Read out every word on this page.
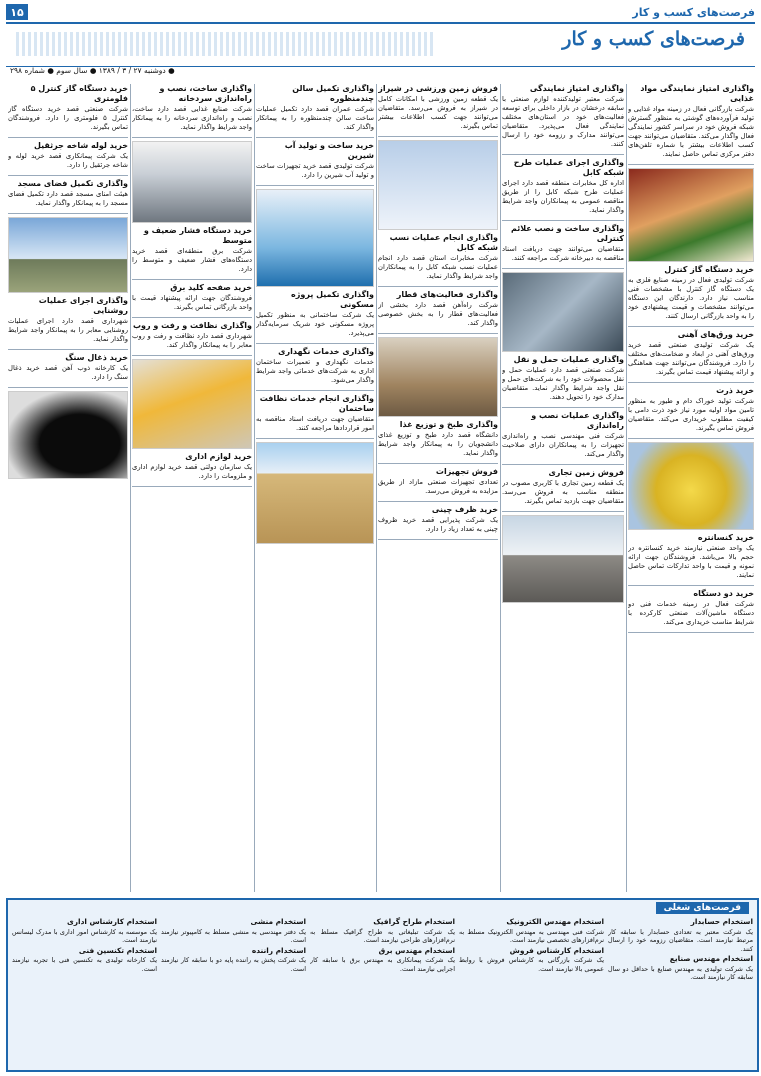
۱۵	فرصت‌های کسب و کار
فرصت‌های کسب و کار
● دوشنبه ۲۷ / ۳ / ۱۳۸۹ ● سال سوم ● شماره ۲۹۸
واگذاری امتیاز نمایندگی مواد غذایی

شرکت بازرگانی فعال در زمینه مواد غذایی و تولید فرآورده‌های گوشتی به منظور گسترش شبکه فروش خود در سراسر کشور نمایندگی فعال واگذار می‌کند. متقاضیان می‌توانند جهت کسب اطلاعات بیشتر با شماره تلفن‌های دفتر مرکزی تماس حاصل نمایند.

خرید دستگاه گاز کنترل

شرکت تولیدی فعال در زمینه صنایع فلزی به یک دستگاه گاز کنترل با مشخصات فنی مناسب نیاز دارد. دارندگان این دستگاه می‌توانند مشخصات و قیمت پیشنهادی خود را به واحد بازرگانی ارسال کنند.

خرید ورق‌های آهنی

یک شرکت تولیدی صنعتی قصد خرید ورق‌های آهنی در ابعاد و ضخامت‌های مختلف را دارد. فروشندگان می‌توانند جهت هماهنگی و ارائه پیشنهاد قیمت تماس بگیرند.

خرید ذرت

شرکت تولید خوراک دام و طیور به منظور تامین مواد اولیه مورد نیاز خود ذرت دامی با کیفیت مطلوب خریداری می‌کند. متقاضیان فروش تماس بگیرند.

خرید کنسانتره

یک واحد صنعتی نیازمند خرید کنسانتره در حجم بالا می‌باشد. فروشندگان جهت ارائه نمونه و قیمت با واحد تدارکات تماس حاصل نمایند.

خرید دو دستگاه

شرکت فعال در زمینه خدمات فنی دو دستگاه ماشین‌آلات صنعتی کارکرده با شرایط مناسب خریداری می‌کند.

واگذاری امتیاز نمایندگی

شرکت معتبر تولیدکننده لوازم صنعتی با سابقه درخشان در بازار داخلی برای توسعه فعالیت‌های خود در استان‌های مختلف نمایندگی فعال می‌پذیرد. متقاضیان می‌توانند مدارک و رزومه خود را ارسال کنند.

واگذاری اجرای عملیات طرح شبکه کابل

اداره کل مخابرات منطقه قصد دارد اجرای عملیات طرح شبکه کابل را از طریق مناقصه عمومی به پیمانکاران واجد شرایط واگذار نماید.

واگذاری ساخت و نصب علائم کنترلی

متقاضیان می‌توانند جهت دریافت اسناد مناقصه به دبیرخانه شرکت مراجعه کنند.

واگذاری عملیات حمل و نقل

شرکت صنعتی قصد دارد عملیات حمل و نقل محصولات خود را به شرکت‌های حمل و نقل واجد شرایط واگذار نماید. متقاضیان مدارک خود را تحویل دهند.

واگذاری عملیات نصب و راه‌اندازی

شرکت فنی مهندسی نصب و راه‌اندازی تجهیزات را به پیمانکاران دارای صلاحیت واگذار می‌کند.

فروش زمین تجاری

یک قطعه زمین تجاری با کاربری مصوب در منطقه مناسب به فروش می‌رسد. متقاضیان جهت بازدید تماس بگیرند.

فروش زمین ورزشی در شیراز

یک قطعه زمین ورزشی با امکانات کامل در شیراز به فروش می‌رسد. متقاضیان می‌توانند جهت کسب اطلاعات بیشتر تماس بگیرند.

واگذاری انجام عملیات نسب شبکه کابل

شرکت مخابرات استان قصد دارد انجام عملیات نسب شبکه کابل را به پیمانکاران واجد شرایط واگذار نماید.

واگذاری فعالیت‌های قطار

شرکت راه‌آهن قصد دارد بخشی از فعالیت‌های قطار را به بخش خصوصی واگذار کند.

واگذاری طبخ و توزیع غذا

دانشگاه قصد دارد طبخ و توزیع غذای دانشجویان را به پیمانکار واجد شرایط واگذار نماید.

فروش تجهیزات

تعدادی تجهیزات صنعتی مازاد از طریق مزایده به فروش می‌رسد.

خرید ظرف چینی

یک شرکت پذیرایی قصد خرید ظروف چینی به تعداد زیاد را دارد.

واگذاری تکمیل سالن چندمنظوره

شرکت عمران قصد دارد تکمیل عملیات ساخت سالن چندمنظوره را به پیمانکار واگذار کند.

خرید ساخت و تولید آب شیرین

شرکت تولیدی قصد خرید تجهیزات ساخت و تولید آب شیرین را دارد.

واگذاری تکمیل پروژه مسکونی

یک شرکت ساختمانی به منظور تکمیل پروژه مسکونی خود شریک سرمایه‌گذار می‌پذیرد.

واگذاری خدمات نگهداری

خدمات نگهداری و تعمیرات ساختمان اداری به شرکت‌های خدماتی واجد شرایط واگذار می‌شود.

واگذاری انجام خدمات نظافت ساختمان

متقاضیان جهت دریافت اسناد مناقصه به امور قراردادها مراجعه کنند.

واگذاری ساخت، نصب و راه‌اندازی سردخانه

شرکت صنایع غذایی قصد دارد ساخت، نصب و راه‌اندازی سردخانه را به پیمانکار واجد شرایط واگذار نماید.

خرید دستگاه فشار ضعیف و متوسط

شرکت برق منطقه‌ای قصد خرید دستگاه‌های فشار ضعیف و متوسط را دارد.

خرید صفحه کلید برق

فروشندگان جهت ارائه پیشنهاد قیمت با واحد بازرگانی تماس بگیرند.

واگذاری نظافت و رفت و روب

شهرداری قصد دارد نظافت و رفت و روب معابر را به پیمانکار واگذار کند.

خرید لوازم اداری

یک سازمان دولتی قصد خرید لوازم اداری و ملزومات را دارد.

خرید دستگاه گاز کنترل ۵ فلومتری

شرکت صنعتی قصد خرید دستگاه گاز کنترل ۵ فلومتری را دارد. فروشندگان تماس بگیرند.

خرید لوله شاخه جرثقیل

یک شرکت پیمانکاری قصد خرید لوله و شاخه جرثقیل را دارد.

واگذاری تکمیل فضای مسجد

هیئت امنای مسجد قصد دارد تکمیل فضای مسجد را به پیمانکار واگذار نماید.

واگذاری اجرای عملیات روشنایی

شهرداری قصد دارد اجرای عملیات روشنایی معابر را به پیمانکار واجد شرایط واگذار نماید.

خرید ذغال سنگ

یک کارخانه ذوب آهن قصد خرید ذغال سنگ را دارد.

فرصت‌های شغلی
استخدام حسابدار

یک شرکت معتبر به تعدادی حسابدار با سابقه کار مرتبط نیازمند است. متقاضیان رزومه خود را ارسال کنند.

استخدام مهندس صنایع

یک شرکت تولیدی به مهندس صنایع با حداقل دو سال سابقه کار نیازمند است.

استخدام مهندس الکترونیک

شرکت فنی مهندسی به مهندس الکترونیک مسلط به نرم‌افزارهای تخصصی نیازمند است.

استخدام کارشناس فروش

یک شرکت بازرگانی به کارشناس فروش با روابط عمومی بالا نیازمند است.

استخدام طراح گرافیک

یک شرکت تبلیغاتی به طراح گرافیک مسلط به نرم‌افزارهای طراحی نیازمند است.

استخدام مهندس برق

یک شرکت پیمانکاری به مهندس برق با سابقه کار اجرایی نیازمند است.

استخدام منشی

یک دفتر مهندسی به منشی مسلط به کامپیوتر نیازمند است.

استخدام راننده

یک شرکت پخش به راننده پایه دو با سابقه کار نیازمند است.

استخدام کارشناس اداری

یک موسسه به کارشناس امور اداری با مدرک لیسانس نیازمند است.

استخدام تکنسین فنی

یک کارخانه تولیدی به تکنسین فنی با تجربه نیازمند است.
